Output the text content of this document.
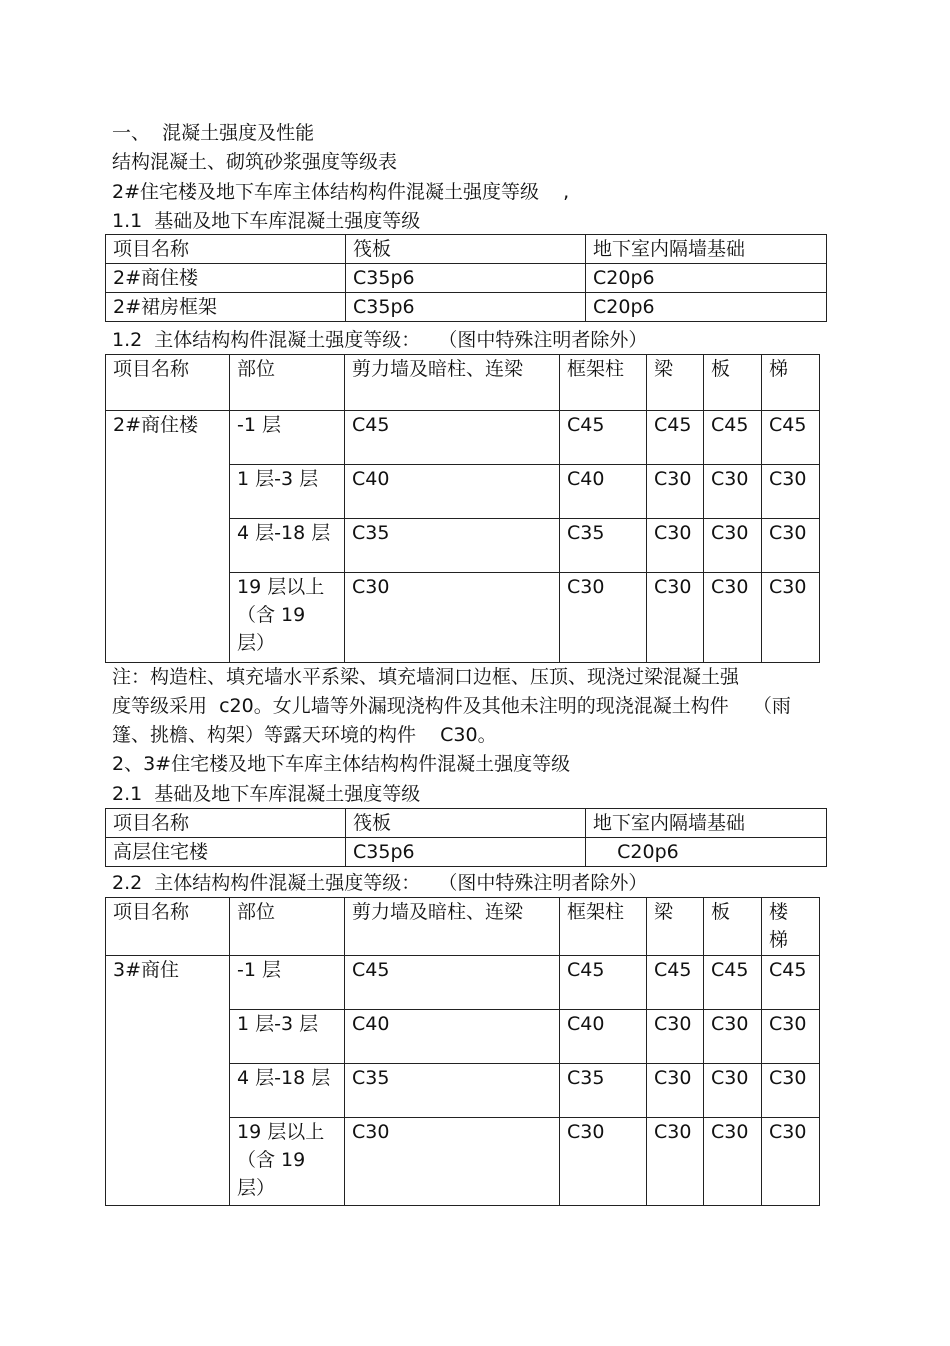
一、  混凝土强度及性能
结构混凝土、砌筑砂浆强度等级表
2#住宅楼及地下车库主体结构构件混凝土强度等级    ,
1.1  基础及地下车库混凝土强度等级
项目名称	筏板	地下室内隔墙基础
2#商住楼	C35p6	C20p6
2#裙房框架	C35p6	C20p6
1.2  主体结构构件混凝土强度等级：   （图中特殊注明者除外）
项目名称	部位	剪力墙及暗柱、连梁	框架柱	梁	板	梯
2#商住楼	-1 层	C45	C45	C45	C45	C45
	1 层-3 层	C40	C40	C30	C30	C30
	4 层-18 层	C35	C35	C30	C30	C30
	19 层以上
（含 19
层）	C30	C30	C30	C30	C30
注：构造柱、填充墙水平系梁、填充墙洞口边框、压顶、现浇过梁混凝土强
度等级采用  c20。女儿墙等外漏现浇构件及其他未注明的现浇混凝土构件    （雨
篷、挑檐、构架）等露天环境的构件    C30。
2、3#住宅楼及地下车库主体结构构件混凝土强度等级
2.1  基础及地下车库混凝土强度等级
项目名称	筏板	地下室内隔墙基础
高层住宅楼	C35p6	C20p6
2.2  主体结构构件混凝土强度等级：   （图中特殊注明者除外）
项目名称	部位	剪力墙及暗柱、连梁	框架柱	梁	板	楼
梯
3#商住	-1 层	C45	C45	C45	C45	C45
	1 层-3 层	C40	C40	C30	C30	C30
	4 层-18 层	C35	C35	C30	C30	C30
	19 层以上
（含 19
层）	C30	C30	C30	C30	C30
